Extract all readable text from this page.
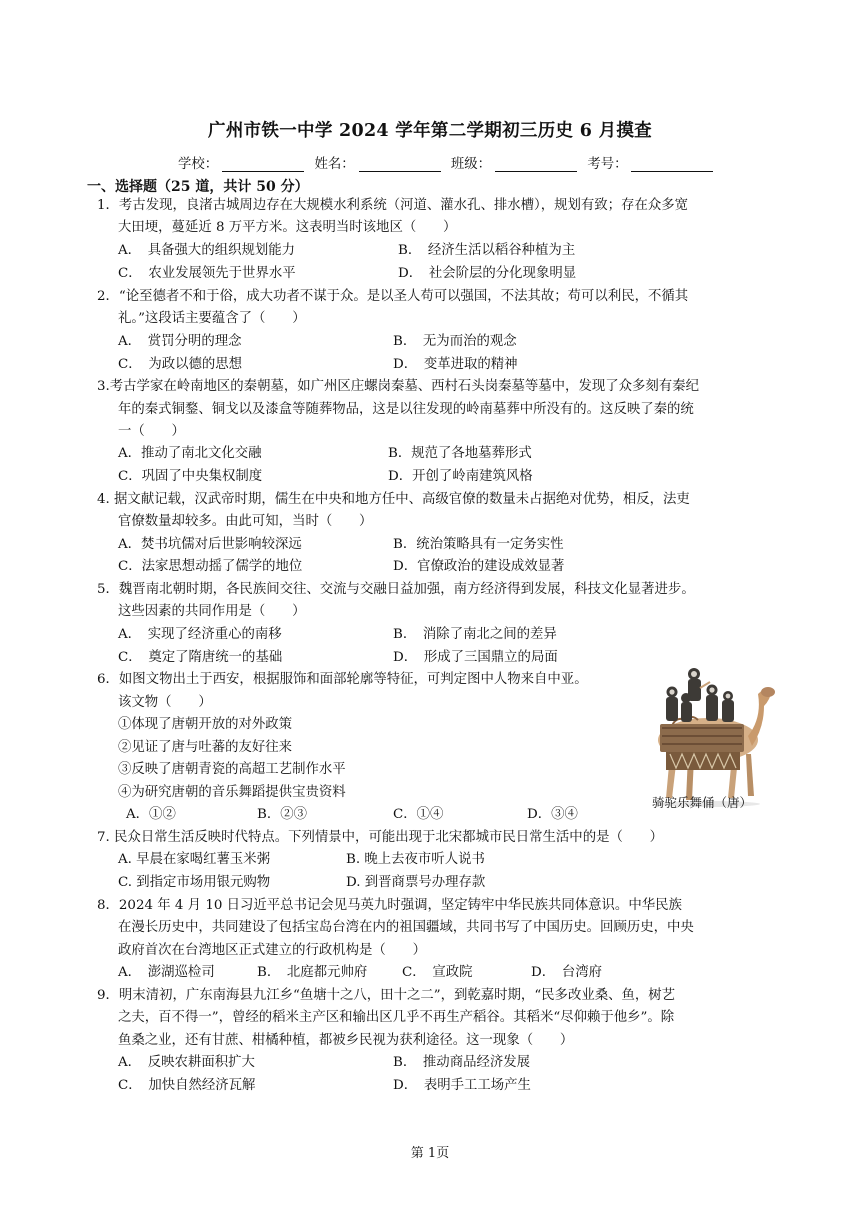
广州市铁一中学 2024 学年第二学期初三历史 6 月摸查
学校：	姓名：	班级：	考号：
一、选择题（25 道，共计 50 分）
1．考古发现，良渚古城周边存在大规模水利系统（河道、灌水孔、排水槽），规划有致；存在众多宽
大田埂，蔓延近 8 万平方米。这表明当时该地区（　　）
A．　具备强大的组织规划能力	B．　经济生活以稻谷种植为主
C．　农业发展领先于世界水平	D．　社会阶层的分化现象明显
2．“论至德者不和于俗，成大功者不谋于众。是以圣人苟可以强国，不法其故；苟可以利民，不循其
礼。”这段话主要蕴含了（　　）
A．　赏罚分明的理念	B．　无为而治的观念
C．　为政以德的思想	D．　变革进取的精神
3.考古学家在岭南地区的秦朝墓，如广州区庄螺岗秦墓、西村石头岗秦墓等墓中，发现了众多刻有秦纪
年的秦式铜鍪、铜戈以及漆盒等随葬物品，这是以往发现的岭南墓葬中所没有的。这反映了秦的统
一（　　）
A．推动了南北文化交融	B．规范了各地墓葬形式
C．巩固了中央集权制度	D．开创了岭南建筑风格
4. 据文献记载，汉武帝时期，儒生在中央和地方任中、高级官僚的数量未占据绝对优势，相反，法吏
官僚数量却较多。由此可知，当时（　　）
A．焚书坑儒对后世影响较深远	B．统治策略具有一定务实性
C．法家思想动摇了儒学的地位	D．官僚政治的建设成效显著
5．魏晋南北朝时期，各民族间交往、交流与交融日益加强，南方经济得到发展，科技文化显著进步。
这些因素的共同作用是（　　）
A．　实现了经济重心的南移	B．　消除了南北之间的差异
C．　奠定了隋唐统一的基础	D．　形成了三国鼎立的局面
6．如图文物出土于西安，根据服饰和面部轮廓等特征，可判定图中人物来自中亚。
该文物（　　）
①体现了唐朝开放的对外政策
②见证了唐与吐蕃的友好往来
③反映了唐朝青瓷的高超工艺制作水平
④为研究唐朝的音乐舞蹈提供宝贵资料
A．①②	B．②③	C．①④	D．③④
骑驼乐舞俑（唐）
7. 民众日常生活反映时代特点。下列情景中，可能出现于北宋都城市民日常生活中的是（　　）
A. 早晨在家喝红薯玉米粥	B. 晚上去夜市听人说书
C. 到指定市场用银元购物	D. 到晋商票号办理存款
8．2024 年 4 月 10 日习近平总书记会见马英九时强调，坚定铸牢中华民族共同体意识。中华民族
在漫长历史中，共同建设了包括宝岛台湾在内的祖国疆域，共同书写了中国历史。回顾历史，中央
政府首次在台湾地区正式建立的行政机构是（　　）
A．　澎湖巡检司	B．　北庭都元帅府	C．　宣政院	D．　台湾府
9．明末清初，广东南海县九江乡“鱼塘十之八，田十之二”，到乾嘉时期，“民多改业桑、鱼，树艺
之夫，百不得一”，曾经的稻米主产区和输出区几乎不再生产稻谷。其稻米“尽仰赖于他乡”。除
鱼桑之业，还有甘蔗、柑橘种植，都被乡民视为获利途径。这一现象（　　）
A．　反映农耕面积扩大	B．　推动商品经济发展
C．　加快自然经济瓦解	D．　表明手工工场产生
第 1页
